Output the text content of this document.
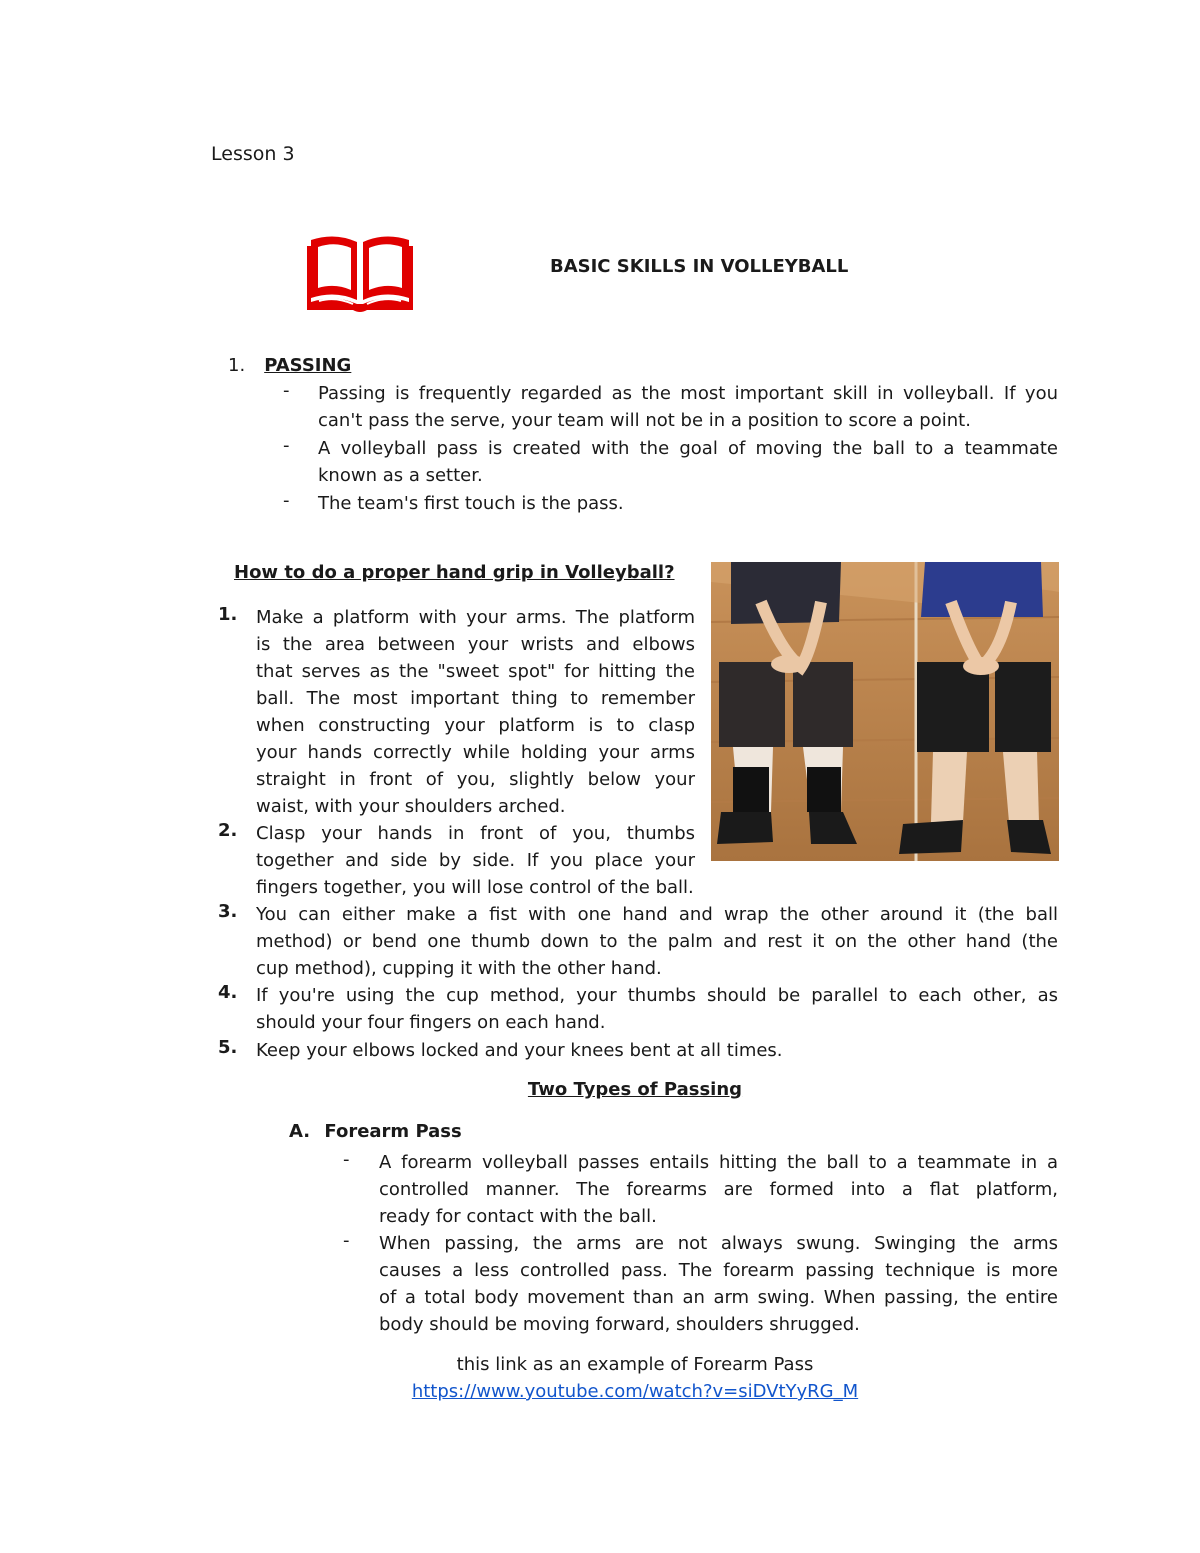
Lesson 3
BASIC SKILLS IN VOLLEYBALL
1. PASSING
- Passing is frequently regarded as the most important skill in volleyball. If you
can't pass the serve, your team will not be in a position to score a point.
- A volleyball pass is created with the goal of moving the ball to a teammate
known as a setter.
- The team's first touch is the pass.
How to do a proper hand grip in Volleyball?
1. Make a platform with your arms. The platform
is the area between your wrists and elbows
that serves as the "sweet spot" for hitting the
ball. The most important thing to remember
when constructing your platform is to clasp
your hands correctly while holding your arms
straight in front of you, slightly below your
waist, with your shoulders arched.
2. Clasp your hands in front of you, thumbs
together and side by side. If you place your
fingers together, you will lose control of the ball.
3. You can either make a fist with one hand and wrap the other around it (the ball
method) or bend one thumb down to the palm and rest it on the other hand (the
cup method), cupping it with the other hand.
4. If you're using the cup method, your thumbs should be parallel to each other, as
should your four fingers on each hand.
5. Keep your elbows locked and your knees bent at all times.
Two Types of Passing
A. Forearm Pass
- A forearm volleyball passes entails hitting the ball to a teammate in a
controlled manner. The forearms are formed into a flat platform,
ready for contact with the ball.
- When passing, the arms are not always swung. Swinging the arms
causes a less controlled pass. The forearm passing technique is more
of a total body movement than an arm swing. When passing, the entire
body should be moving forward, shoulders shrugged.
this link as an example of Forearm Pass
https://www.youtube.com/watch?v=siDVtYyRG_M
